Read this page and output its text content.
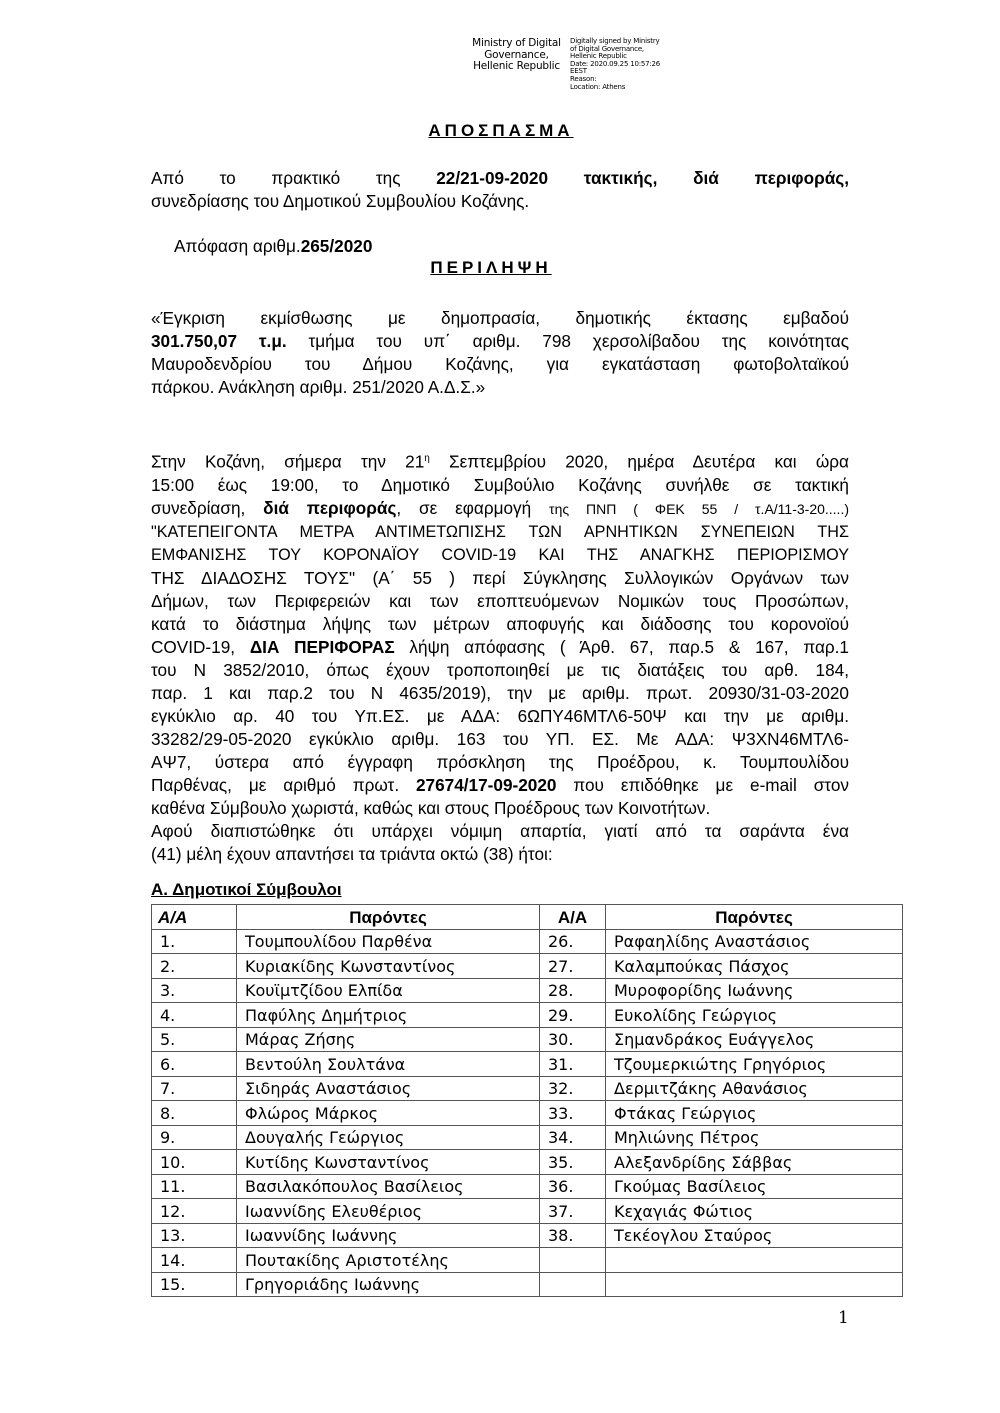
Ministry of Digital
Governance,
Hellenic Republic
Digitally signed by Ministry
of Digital Governance,
Hellenic Republic
Date: 2020.09.25 10:57:26
EEST
Reason:
Location: Athens
ΑΠΟΣΠΑΣΜΑ
Από το πρακτικό της 22/21-09-2020 τακτικής, διά περιφοράς,
συνεδρίασης του Δημοτικού Συμβουλίου Κοζάνης.
Απόφαση αριθμ.265/2020
ΠΕΡΙΛΗΨΗ
«Έγκριση εκμίσθωσης με δημοπρασία, δημοτικής έκτασης εμβαδού
301.750,07 τ.μ. τμήμα του υπ΄ αριθμ. 798 χερσολίβαδου της κοινότητας
Μαυροδενδρίου του Δήμου Κοζάνης, για εγκατάσταση φωτοβολταϊκού
πάρκου. Ανάκληση αριθμ. 251/2020 Α.Δ.Σ.»
Στην Κοζάνη, σήμερα την $21^\eta$ Σεπτεμβρίου 2020, ημέρα Δευτέρα και ώρα
15:00 έως 19:00, το Δημοτικό Συμβούλιο Κοζάνης συνήλθε σε τακτική
συνεδρίαση, διά περιφοράς, σε εφαρμογή της ΠΝΠ ( ΦΕΚ 55 / τ.Α/11-3-20.....)
"ΚΑΤΕΠΕΙΓΟΝΤΑ ΜΕΤΡΑ ΑΝΤΙΜΕΤΩΠΙΣΗΣ ΤΩΝ ΑΡΝΗΤΙΚΩΝ ΣΥΝΕΠΕΙΩΝ ΤΗΣ
ΕΜΦΑΝΙΣΗΣ ΤΟΥ ΚΟΡΟΝΑΪΟΥ COVID-19 ΚΑΙ ΤΗΣ ΑΝΑΓΚΗΣ ΠΕΡΙΟΡΙΣΜΟΥ
ΤΗΣ ΔΙΑΔΟΣΗΣ ΤΟΥΣ" (Α΄ 55 ) περί Σύγκλησης Συλλογικών Οργάνων των
Δήμων, των Περιφερειών και των εποπτευόμενων Νομικών τους Προσώπων,
κατά το διάστημα λήψης των μέτρων αποφυγής και διάδοσης του κορονοϊού
COVID-19, ΔΙΑ ΠΕΡΙΦΟΡΑΣ λήψη απόφασης ( Άρθ. 67, παρ.5 & 167, παρ.1
του Ν 3852/2010, όπως έχουν τροποποιηθεί με τις διατάξεις του αρθ. 184,
παρ. 1 και παρ.2 του Ν 4635/2019), την με αριθμ. πρωτ. 20930/31-03-2020
εγκύκλιο αρ. 40 του Υπ.ΕΣ. με ΑΔΑ: 6ΩΠΥ46ΜΤΛ6-50Ψ και την με αριθμ.
33282/29-05-2020 εγκύκλιο αριθμ. 163 του ΥΠ. ΕΣ. Με ΑΔΑ: Ψ3ΧΝ46ΜΤΛ6-
ΑΨ7, ύστερα από έγγραφη πρόσκληση της Προέδρου, κ. Τουμπουλίδου
Παρθένας, με αριθμό πρωτ. 27674/17-09-2020 που επιδόθηκε με e-mail στον
καθένα Σύμβουλο χωριστά, καθώς και στους Προέδρους των Κοινοτήτων.
Αφού διαπιστώθηκε ότι υπάρχει νόμιμη απαρτία, γιατί από τα σαράντα ένα
(41) μέλη έχουν απαντήσει τα τριάντα οκτώ (38) ήτοι:
Α. Δημοτικοί Σύμβουλοι
Α/Α	Παρόντες	Α/Α	Παρόντες
1.	Τουμπουλίδου Παρθένα	26.	Ραφαηλίδης Αναστάσιος
2.	Κυριακίδης Κωνσταντίνος	27.	Καλαμπούκας Πάσχος
3.	Κουϊμτζίδου Ελπίδα	28.	Μυροφορίδης Ιωάννης
4.	Παφύλης Δημήτριος	29.	Ευκολίδης Γεώργιος
5.	Μάρας Ζήσης	30.	Σημανδράκος Ευάγγελος
6.	Βεντούλη Σουλτάνα	31.	Τζουμερκιώτης Γρηγόριος
7.	Σιδηράς Αναστάσιος	32.	Δερμιτζάκης Αθανάσιος
8.	Φλώρος Μάρκος	33.	Φτάκας Γεώργιος
9.	Δουγαλής Γεώργιος	34.	Μηλιώνης Πέτρος
10.	Κυτίδης Κωνσταντίνος	35.	Αλεξανδρίδης Σάββας
11.	Βασιλακόπουλος Βασίλειος	36.	Γκούμας Βασίλειος
12.	Ιωαννίδης Ελευθέριος	37.	Κεχαγιάς Φώτιος
13.	Ιωαννίδης Ιωάννης	38.	Τεκέογλου Σταύρος
14.	Πουτακίδης Αριστοτέλης		
15.	Γρηγοριάδης Ιωάννης		
1
